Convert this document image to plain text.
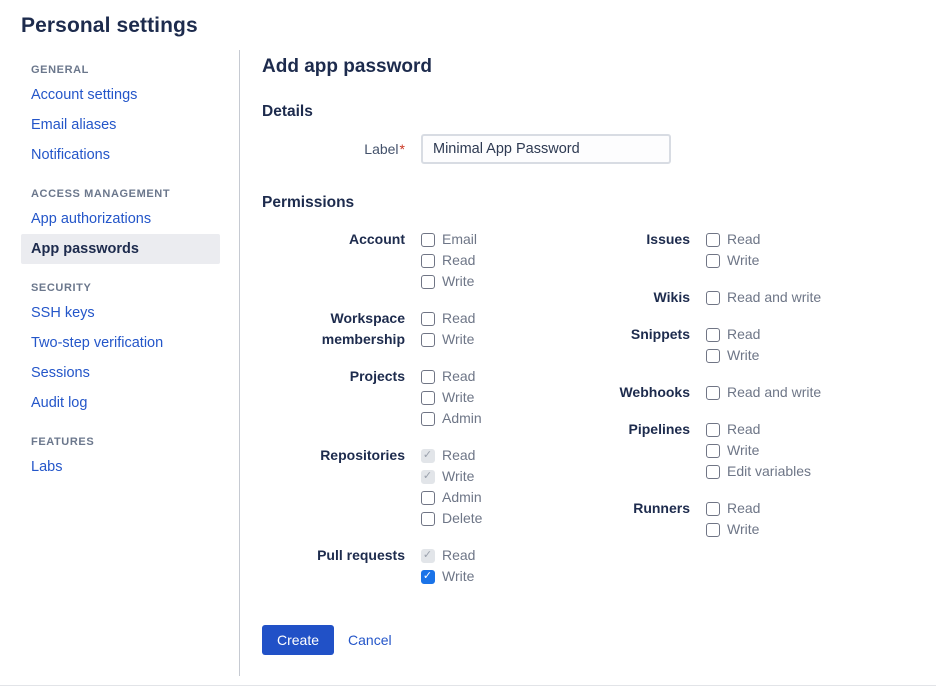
Personal settings
GENERAL
Account settings
Email aliases
Notifications
ACCESS MANAGEMENT
App authorizations
App passwords
SECURITY
SSH keys
Two-step verification
Sessions
Audit log
FEATURES
Labs
Add app password
Details
Label*
Minimal App Password
Permissions
Account	Email
Read
Write
Workspace membership
Read
Write
Projects	Read
Write
Admin
Repositories ✓	Read
✓
Write
Admin
Delete
Pull requests ✓	Read
✓
Write
Issues	Read
Write
Wikis	Read and write
Snippets	Read
Write
Webhooks	Read and write
Pipelines	Read
Write
Edit variables
Runners	Read
Write
Create	Cancel
